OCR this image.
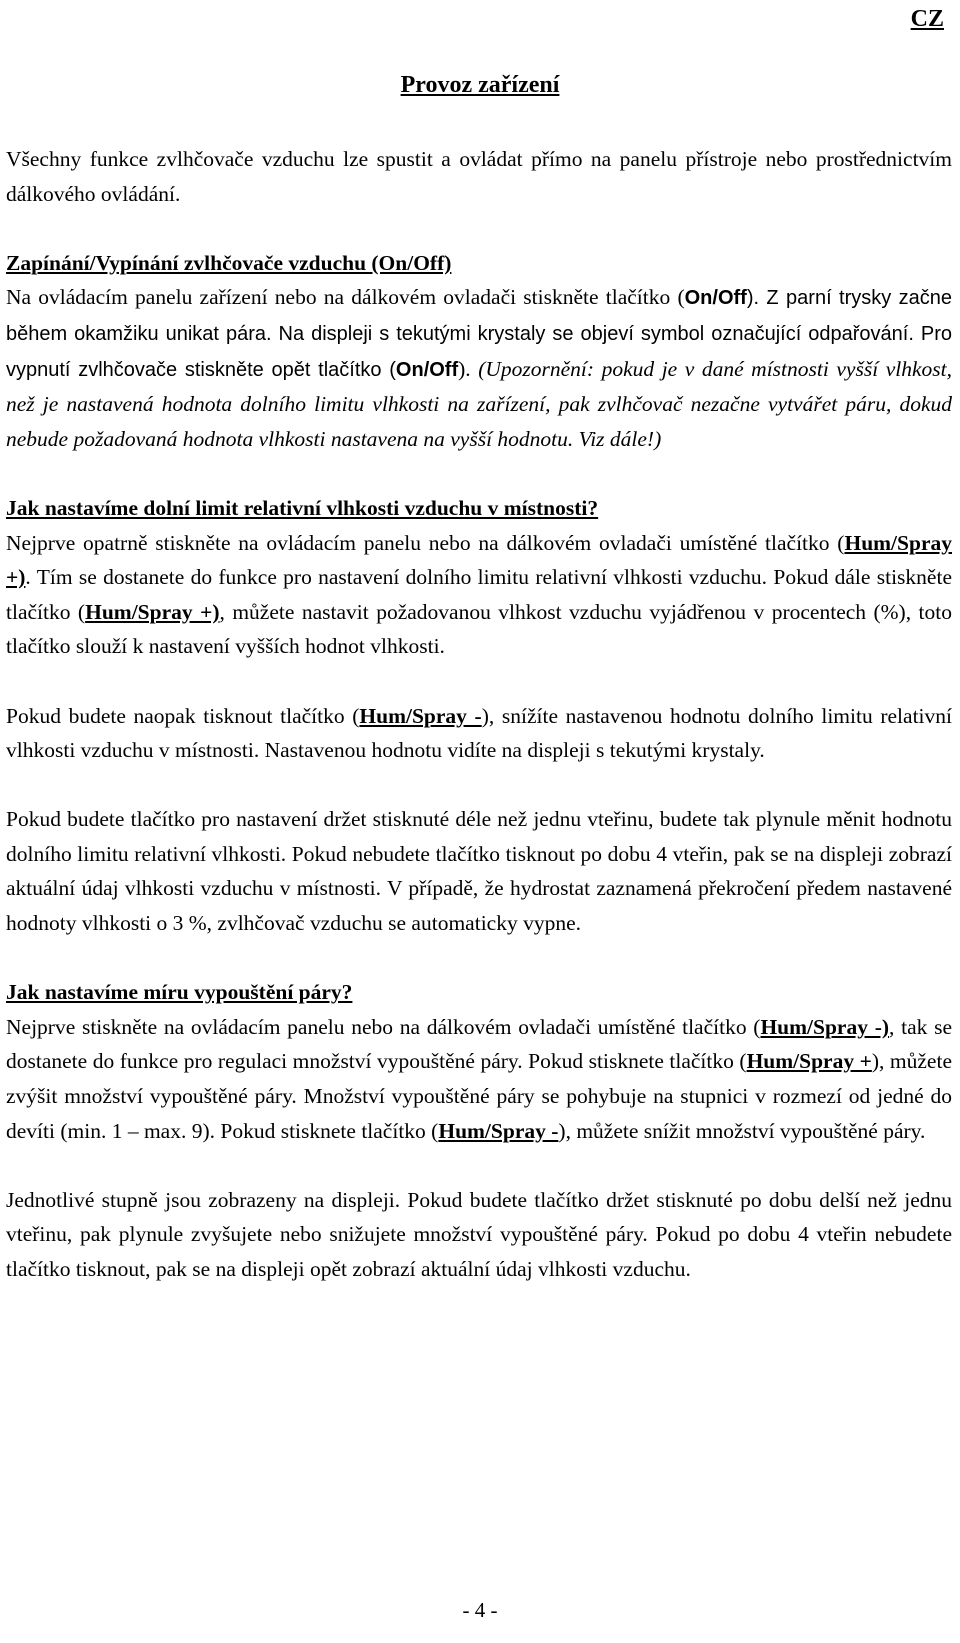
CZ
Provoz zařízení

Všechny funkce zvlhčovače vzduchu lze spustit a ovládat přímo na panelu přístroje nebo prostřednictvím dálkového ovládání.

Zapínání/Vypínání zvlhčovače vzduchu (On/Off)
Na ovládacím panelu zařízení nebo na dálkovém ovladači stiskněte tlačítko (On/Off). Z parní trysky začne během okamžiku unikat pára. Na displeji s tekutými krystaly se objeví symbol označující odpařování. Pro vypnutí zvlhčovače stiskněte opět tlačítko (On/Off). (Upozornění: pokud je v dané místnosti vyšší vlhkost, než je nastavená hodnota dolního limitu vlhkosti na zařízení, pak zvlhčovač nezačne vytvářet páru, dokud nebude požadovaná hodnota vlhkosti nastavena na vyšší hodnotu. Viz dále!)

Jak nastavíme dolní limit relativní vlhkosti vzduchu v místnosti?
Nejprve opatrně stiskněte na ovládacím panelu nebo na dálkovém ovladači umístěné tlačítko (Hum/Spray +). Tím se dostanete do funkce pro nastavení dolního limitu relativní vlhkosti vzduchu. Pokud dále stiskněte tlačítko (Hum/Spray +), můžete nastavit požadovanou vlhkost vzduchu vyjádřenou v procentech (%), toto tlačítko slouží k nastavení vyšších hodnot vlhkosti.

Pokud budete naopak tisknout tlačítko (Hum/Spray -), snížíte nastavenou hodnotu dolního limitu relativní vlhkosti vzduchu v místnosti. Nastavenou hodnotu vidíte na displeji s tekutými krystaly.

Pokud budete tlačítko pro nastavení držet stisknuté déle než jednu vteřinu, budete tak plynule měnit hodnotu dolního limitu relativní vlhkosti. Pokud nebudete tlačítko tisknout po dobu 4 vteřin, pak se na displeji zobrazí aktuální údaj vlhkosti vzduchu v místnosti. V případě, že hydrostat zaznamená překročení předem nastavené hodnoty vlhkosti o 3 %, zvlhčovač vzduchu se automaticky vypne.

Jak nastavíme míru vypouštění páry?
Nejprve stiskněte na ovládacím panelu nebo na dálkovém ovladači umístěné tlačítko (Hum/Spray -), tak se dostanete do funkce pro regulaci množství vypouštěné páry. Pokud stisknete tlačítko (Hum/Spray +), můžete zvýšit množství vypouštěné páry. Množství vypouštěné páry se pohybuje na stupnici v rozmezí od jedné do devíti (min. 1 – max. 9). Pokud stisknete tlačítko (Hum/Spray -), můžete snížit množství vypouštěné páry.

Jednotlivé stupně jsou zobrazeny na displeji. Pokud budete tlačítko držet stisknuté po dobu delší než jednu vteřinu, pak plynule zvyšujete nebo snižujete množství vypouštěné páry. Pokud po dobu 4 vteřin nebudete tlačítko tisknout, pak se na displeji opět zobrazí aktuální údaj vlhkosti vzduchu.

- 4 -
